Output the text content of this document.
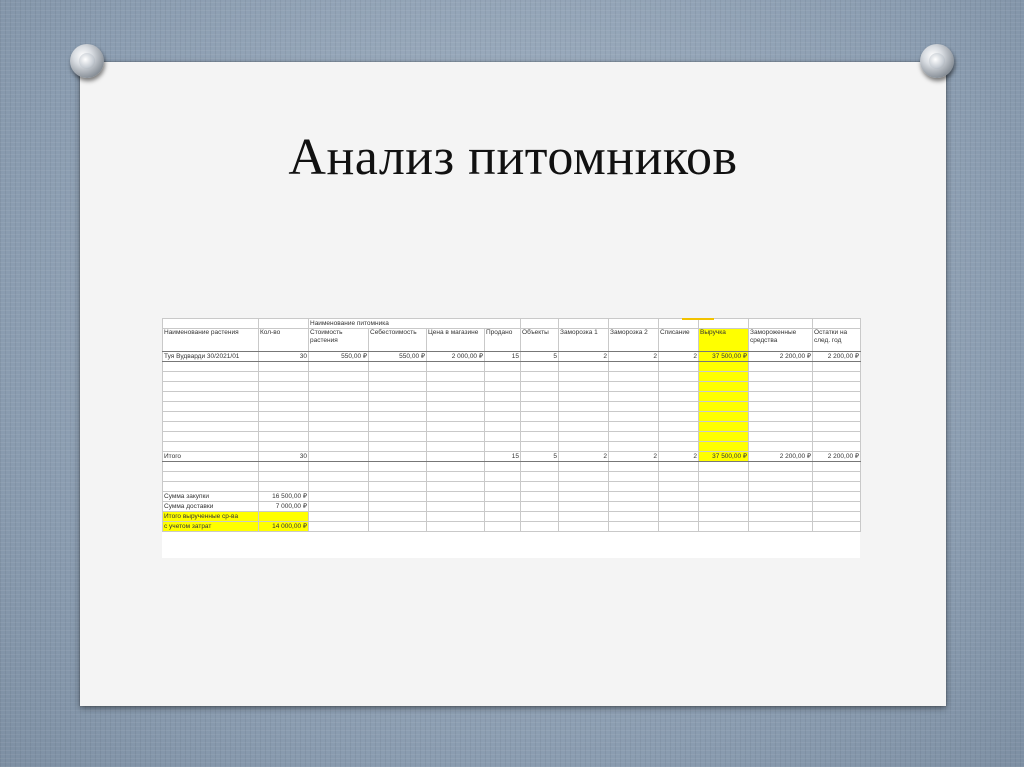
Анализ питомников
		Наименование питомника										
Наименование растения	Кол-во	Стоимость растения	Себестоимость	Цена в магазине	Продано	Объекты	Заморозка 1	Заморозка 2	Списание	Выручка	Замороженные средства	Остатки на след. год
Туя Вудварди 30/2021/01	30	550,00 ₽	550,00 ₽	2 000,00 ₽	15	5	2	2	2	37 500,00 ₽	2 200,00 ₽	2 200,00 ₽

Итого	30				15	5	2	2	2	37 500,00 ₽	2 200,00 ₽	2 200,00 ₽

Сумма закупки	16 500,00 ₽											
Сумма доставки	7 000,00 ₽											
Итого вырученные ср-ва												
с учетом затрат	14 000,00 ₽											
